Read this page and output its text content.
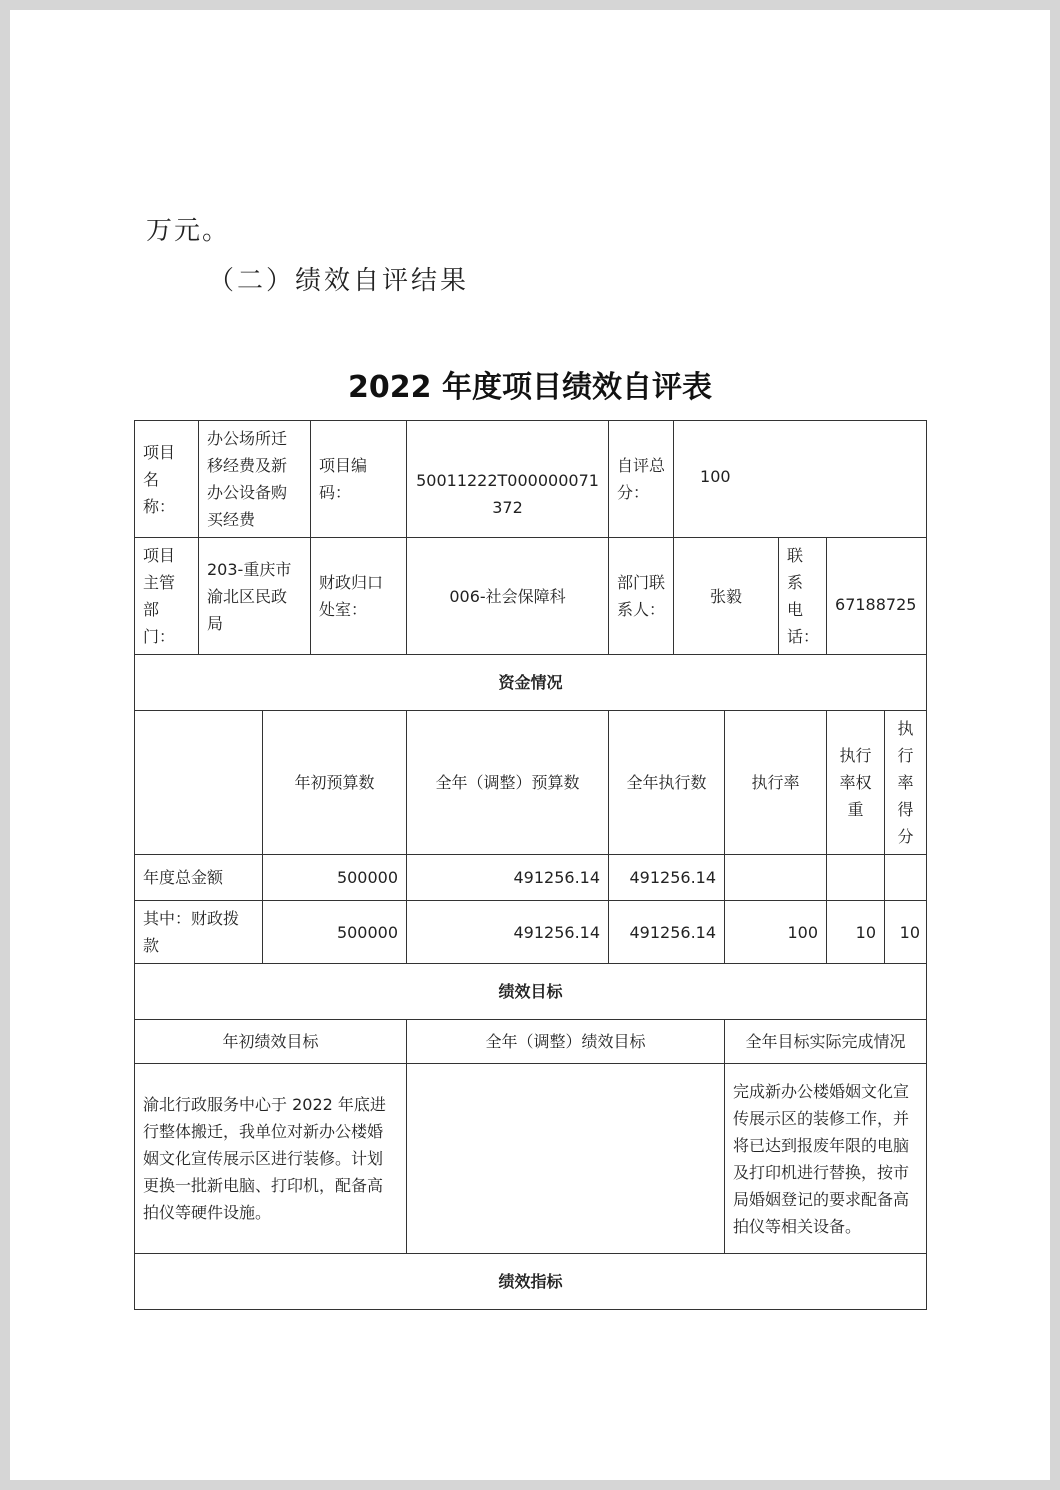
万元。
（二）绩效自评结果
2022 年度项目绩效自评表
项目名称：	办公场所迁移经费及新办公设备购买经费		项目编码：	50011222T000000071372	自评总分：	100				
项目主管部门：	203-重庆市渝北区民政局		财政归口处室：	006-社会保障科	部门联系人：	张毅		联系电话：	67188725	
资金情况										
		年初预算数		全年（调整）预算数	全年执行数		执行率		执行率权重	执行率得分
年度总金额		500000		491256.14	491256.14					
其中：财政拨款		500000		491256.14	491256.14		100		10	10
绩效目标										
年初绩效目标				全年（调整）绩效目标			全年目标实际完成情况			
渝北行政服务中心于 2022 年底进行整体搬迁，我单位对新办公楼婚姻文化宣传展示区进行装修。计划更换一批新电脑、打印机，配备高拍仪等硬件设施。							完成新办公楼婚姻文化宣传展示区的装修工作，并将已达到报废年限的电脑及打印机进行替换，按市局婚姻登记的要求配备高拍仪等相关设备。			
绩效指标										
